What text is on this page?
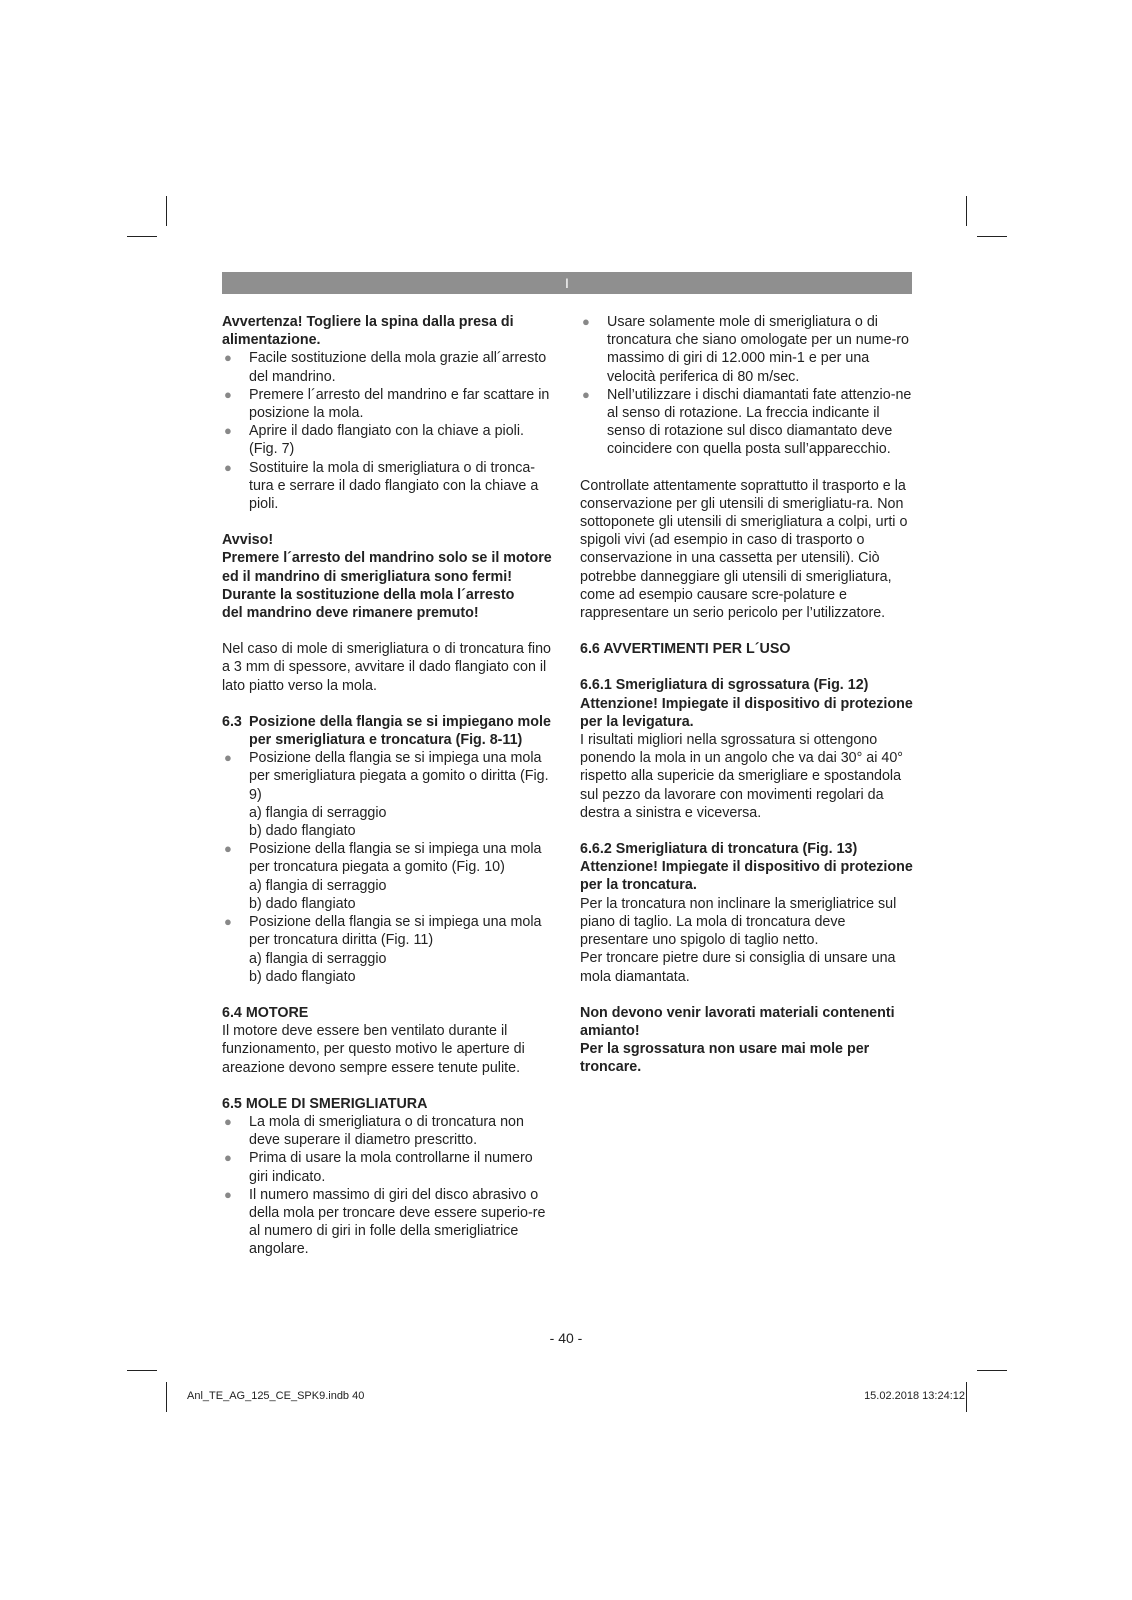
I

Avvertenza! Togliere la spina dalla presa di alimentazione.

● Facile sostituzione della mola grazie all´arresto del mandrino.
● Premere l´arresto del mandrino e far scattare in posizione la mola.
● Aprire il dado flangiato con la chiave a pioli. (Fig. 7)
● Sostituire la mola di smerigliatura o di tronca-tura e serrare il dado flangiato con la chiave a pioli.

Avviso!

Premere l´arresto del mandrino solo se il motore ed il mandrino di smerigliatura sono fermi! Durante la sostituzione della mola l´arresto

del mandrino deve rimanere premuto!

Nel caso di mole di smerigliatura o di troncatura fino a 3 mm di spessore, avvitare il dado flangiato con il lato piatto verso la mola.

6.3 Posizione della flangia se si impiegano mole per smerigliatura e troncatura (Fig. 8-11)
● Posizione della flangia se si impiega una mola per smerigliatura piegata a gomito o diritta (Fig. 9)
a) flangia di serraggio
b) dado flangiato
● Posizione della flangia se si impiega una mola per troncatura piegata a gomito (Fig. 10)
a) flangia di serraggio
b) dado flangiato
● Posizione della flangia se si impiega una mola per troncatura diritta (Fig. 11)
a) flangia di serraggio
b) dado flangiato

6.4 MOTORE

Il motore deve essere ben ventilato durante il funzionamento, per questo motivo le aperture di areazione devono sempre essere tenute pulite.

6.5 MOLE DI SMERIGLIATURA

● La mola di smerigliatura o di troncatura non deve superare il diametro prescritto.
● Prima di usare la mola controllarne il numero giri indicato.
● Il numero massimo di giri del disco abrasivo o della mola per troncare deve essere superio-re al numero di giri in folle della smerigliatrice angolare.
● Usare solamente mole di smerigliatura o di troncatura che siano omologate per un nume-ro massimo di giri di 12.000 min-1 e per una velocità periferica di 80 m/sec.
● Nell’utilizzare i dischi diamantati fate attenzio-ne al senso di rotazione. La freccia indicante il senso di rotazione sul disco diamantato deve coincidere con quella posta sull’apparecchio.

Controllate attentamente soprattutto il trasporto e la conservazione per gli utensili di smerigliatu-ra. Non sottoponete gli utensili di smerigliatura a colpi, urti o spigoli vivi (ad esempio in caso di trasporto o conservazione in una cassetta per utensili). Ciò potrebbe danneggiare gli utensili di smerigliatura, come ad esempio causare scre-polature e rappresentare un serio pericolo per l’utilizzatore.

6.6 AVVERTIMENTI PER L´USO

6.6.1 Smerigliatura di sgrossatura (Fig. 12) Attenzione! Impiegate il dispositivo di protezione per la levigatura.

I risultati migliori nella sgrossatura si ottengono ponendo la mola in un angolo che va dai 30° ai 40° rispetto alla supericie da smerigliare e spostandola sul pezzo da lavorare con movimenti regolari da destra a sinistra e viceversa.

6.6.2 Smerigliatura di troncatura (Fig. 13) Attenzione! Impiegate il dispositivo di protezione per la troncatura.

Per la troncatura non inclinare la smerigliatrice sul piano di taglio. La mola di troncatura deve presentare uno spigolo di taglio netto.

Per troncare pietre dure si consiglia di unsare una mola diamantata.

Non devono venir lavorati materiali contenenti amianto!

Per la sgrossatura non usare mai mole per troncare.

- 40 -
Anl_TE_AG_125_CE_SPK9.indb 40	15.02.2018 13:24:12
